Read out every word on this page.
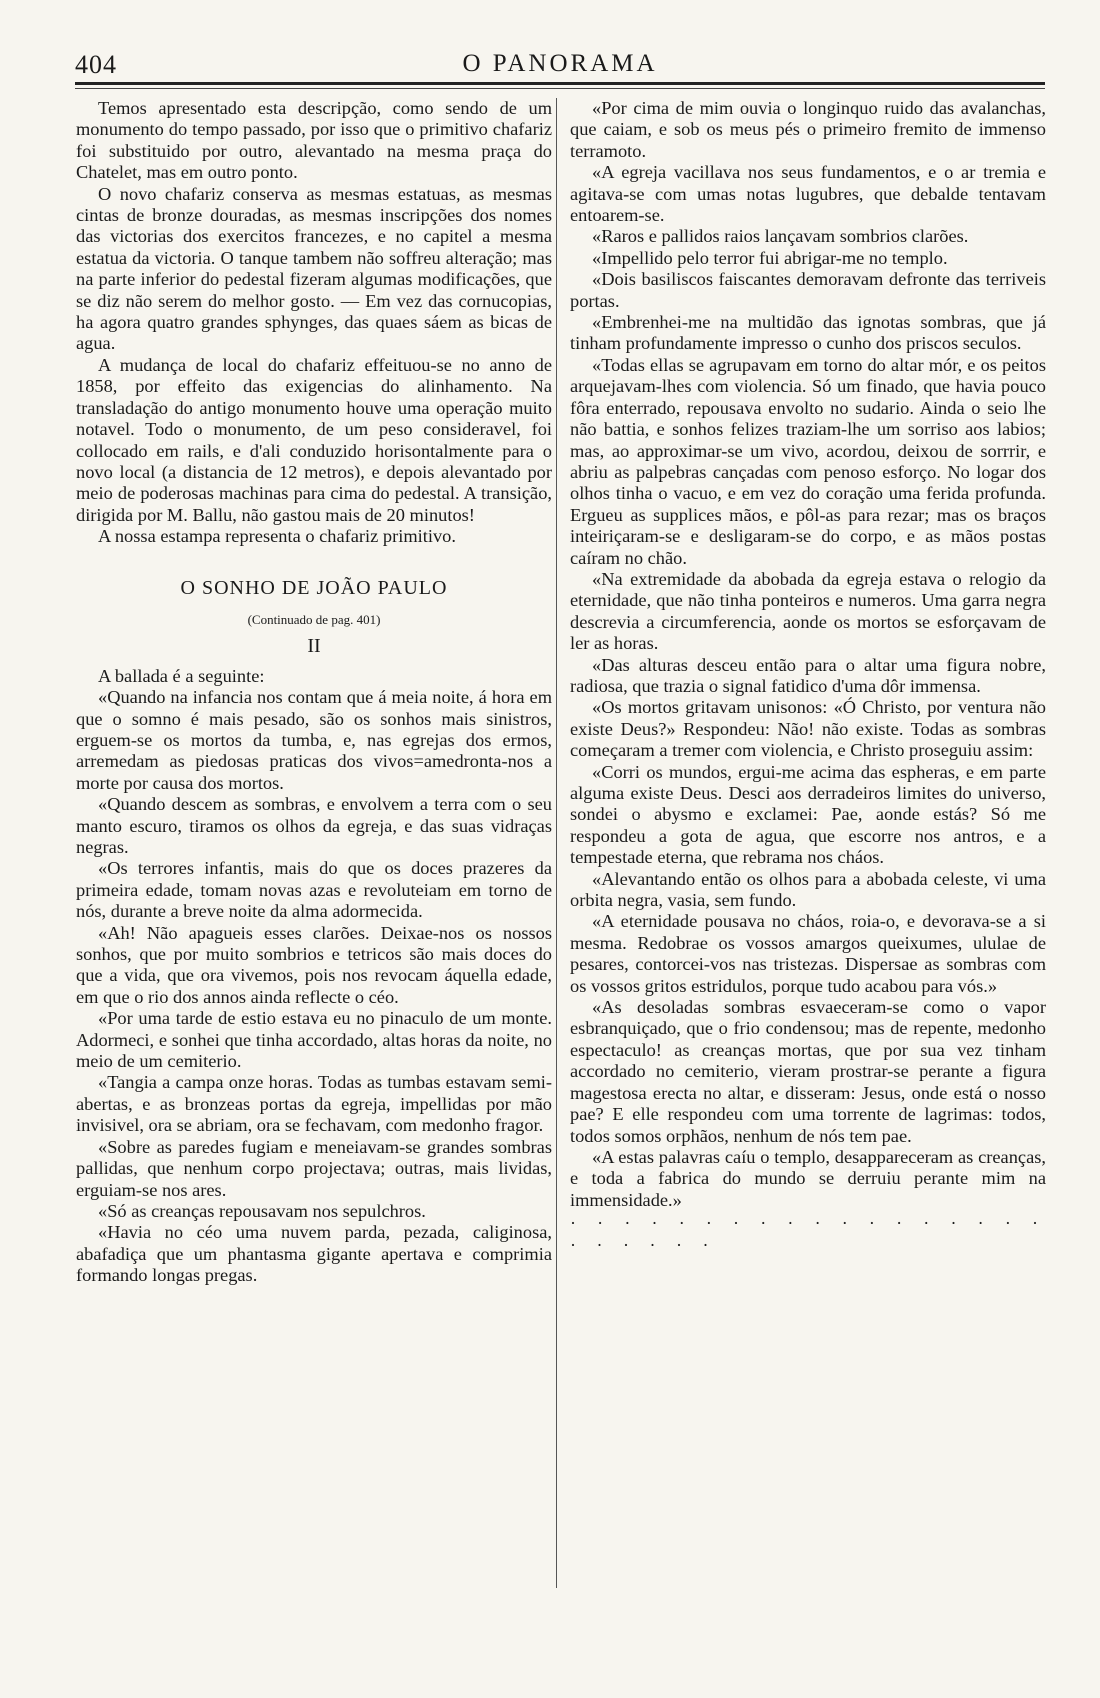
404	O PANORAMA

Temos apresentado esta descripção, como sendo de um monumento do tempo passado, por isso que o primitivo chafariz foi substituido por outro, alevantado na mesma praça do Chatelet, mas em outro ponto.

O novo chafariz conserva as mesmas estatuas, as mesmas cintas de bronze douradas, as mesmas inscripções dos nomes das victorias dos exercitos francezes, e no capitel a mesma estatua da victoria. O tanque tambem não soffreu alteração; mas na parte inferior do pedestal fizeram algumas modificações, que se diz não serem do melhor gosto. — Em vez das cornucopias, ha agora quatro grandes sphynges, das quaes sáem as bicas de agua.

A mudança de local do chafariz effeituou-se no anno de 1858, por effeito das exigencias do alinhamento. Na transladação do antigo monumento houve uma operação muito notavel. Todo o monumento, de um peso consideravel, foi collocado em rails, e d'ali conduzido horisontalmente para o novo local (a distancia de 12 metros), e depois alevantado por meio de poderosas machinas para cima do pedestal. A transição, dirigida por M. Ballu, não gastou mais de 20 minutos!

A nossa estampa representa o chafariz primitivo.

O SONHO DE JOÃO PAULO
(Continuado de pag. 401)
II

A ballada é a seguinte:

«Quando na infancia nos contam que á meia noite, á hora em que o somno é mais pesado, são os sonhos mais sinistros, erguem-se os mortos da tumba, e, nas egrejas dos ermos, arremedam as piedosas praticas dos vivos=amedronta-nos a morte por causa dos mortos.

«Quando descem as sombras, e envolvem a terra com o seu manto escuro, tiramos os olhos da egreja, e das suas vidraças negras.

«Os terrores infantis, mais do que os doces prazeres da primeira edade, tomam novas azas e revoluteiam em torno de nós, durante a breve noite da alma adormecida.

«Ah! Não apagueis esses clarões. Deixae-nos os nossos sonhos, que por muito sombrios e tetricos são mais doces do que a vida, que ora vivemos, pois nos revocam áquella edade, em que o rio dos annos ainda reflecte o céo.

«Por uma tarde de estio estava eu no pinaculo de um monte. Adormeci, e sonhei que tinha accordado, altas horas da noite, no meio de um cemiterio.

«Tangia a campa onze horas. Todas as tumbas estavam semi-abertas, e as bronzeas portas da egreja, impellidas por mão invisivel, ora se abriam, ora se fechavam, com medonho fragor.

«Sobre as paredes fugiam e meneiavam-se grandes sombras pallidas, que nenhum corpo projectava; outras, mais lividas, erguiam-se nos ares.

«Só as creanças repousavam nos sepulchros.

«Havia no céo uma nuvem parda, pezada, caliginosa, abafadiça que um phantasma gigante apertava e comprimia formando longas pregas.

«Por cima de mim ouvia o longinquo ruido das avalanchas, que caiam, e sob os meus pés o primeiro fremito de immenso terramoto.

«A egreja vacillava nos seus fundamentos, e o ar tremia e agitava-se com umas notas lugubres, que debalde tentavam entoarem-se.

«Raros e pallidos raios lançavam sombrios clarões.

«Impellido pelo terror fui abrigar-me no templo.

«Dois basiliscos faiscantes demoravam defronte das terriveis portas.

«Embrenhei-me na multidão das ignotas sombras, que já tinham profundamente impresso o cunho dos priscos seculos.

«Todas ellas se agrupavam em torno do altar mór, e os peitos arquejavam-lhes com violencia. Só um finado, que havia pouco fôra enterrado, repousava envolto no sudario. Ainda o seio lhe não battia, e sonhos felizes traziam-lhe um sorriso aos labios; mas, ao approximar-se um vivo, acordou, deixou de sorrrir, e abriu as palpebras cançadas com penoso esforço. No logar dos olhos tinha o vacuo, e em vez do coração uma ferida profunda. Ergueu as supplices mãos, e pôl-as para rezar; mas os braços inteiriçaram-se e desligaram-se do corpo, e as mãos postas caíram no chão.

«Na extremidade da abobada da egreja estava o relogio da eternidade, que não tinha ponteiros e numeros. Uma garra negra descrevia a circumferencia, aonde os mortos se esforçavam de ler as horas.

«Das alturas desceu então para o altar uma figura nobre, radiosa, que trazia o signal fatidico d'uma dôr immensa.

«Os mortos gritavam unisonos: «Ó Christo, por ventura não existe Deus?» Respondeu: Não! não existe. Todas as sombras começaram a tremer com violencia, e Christo proseguiu assim:

«Corri os mundos, ergui-me acima das espheras, e em parte alguma existe Deus. Desci aos derradeiros limites do universo, sondei o abysmo e exclamei: Pae, aonde estás? Só me respondeu a gota de agua, que escorre nos antros, e a tempestade eterna, que rebrama nos cháos.

«Alevantando então os olhos para a abobada celeste, vi uma orbita negra, vasia, sem fundo.

«A eternidade pousava no cháos, roia-o, e devorava-se a si mesma. Redobrae os vossos amargos queixumes, ululae de pesares, contorcei-vos nas tristezas. Dispersae as sombras com os vossos gritos estridulos, porque tudo acabou para vós.»

«As desoladas sombras esvaeceram-se como o vapor esbranquiçado, que o frio condensou; mas de repente, medonho espectaculo! as creanças mortas, que por sua vez tinham accordado no cemiterio, vieram prostrar-se perante a figura magestosa erecta no altar, e disseram: Jesus, onde está o nosso pae? E elle respondeu com uma torrente de lagrimas: todos, todos somos orphãos, nenhum de nós tem pae.

«A estas palavras caíu o templo, desappareceram as creanças, e toda a fabrica do mundo se derruiu perante mim na immensidade.»

· · · · · · · · · · · · · · · · · · · · · · · ·
